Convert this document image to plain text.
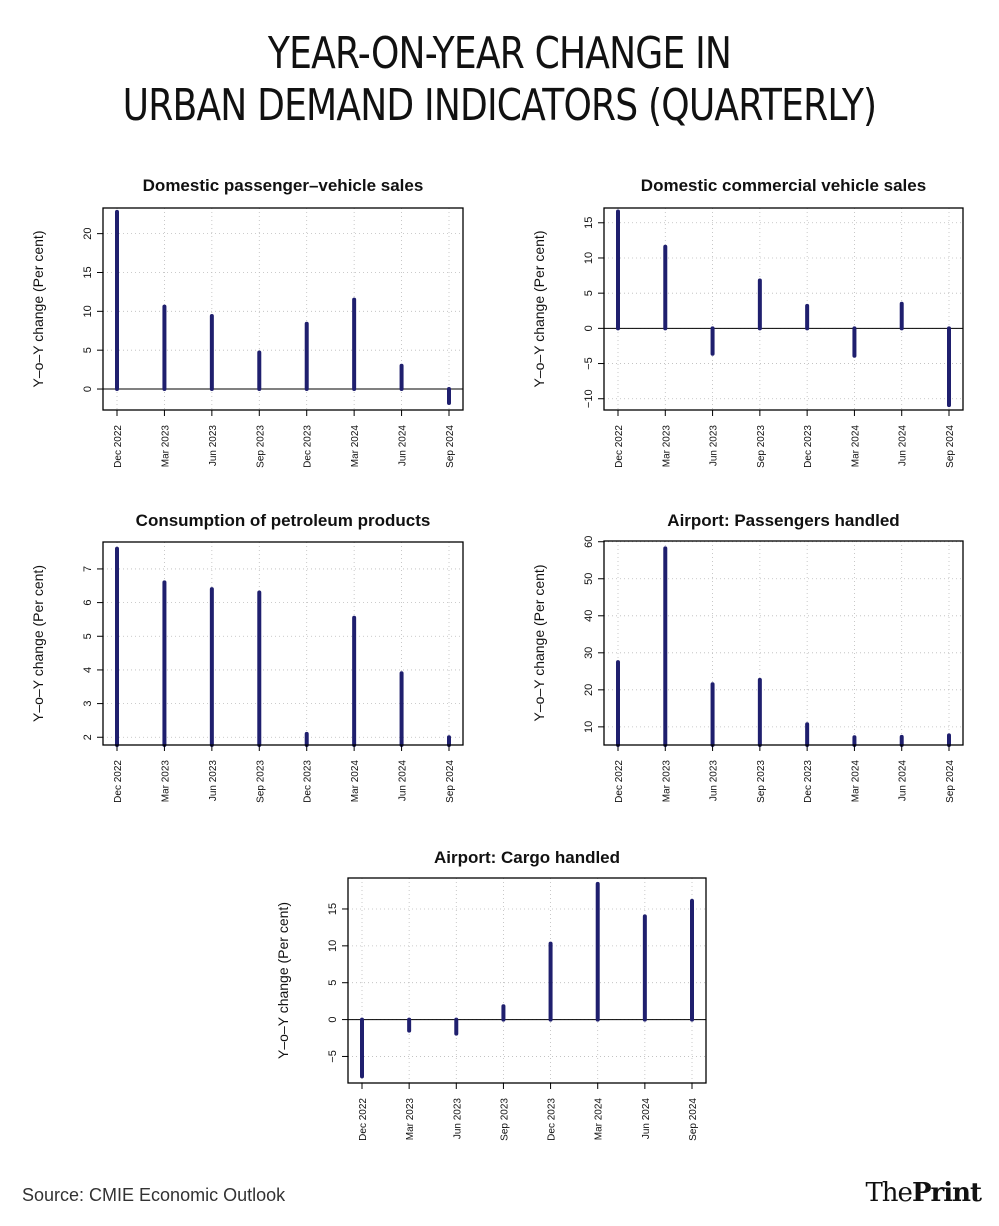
YEAR-ON-YEAR CHANGE IN
URBAN DEMAND INDICATORS (QUARTERLY)
0
5
10
15
20
Dec 2022	Mar 2023	Jun 2023	Sep 2023	Dec 2023	Mar 2024	Jun 2024	Sep 2024
Domestic passenger–vehicle sales
Y–o–Y change (Per cent)
−10
−5
0
5
10
15
Dec 2022	Mar 2023	Jun 2023	Sep 2023	Dec 2023	Mar 2024	Jun 2024	Sep 2024
Domestic commercial vehicle sales
Y–o–Y change (Per cent)
2
3
4
5
6
7
Dec 2022	Mar 2023	Jun 2023	Sep 2023	Dec 2023	Mar 2024	Jun 2024	Sep 2024
Consumption of petroleum products
Y–o–Y change (Per cent)
10
20
30
40
50
60
Dec 2022	Mar 2023	Jun 2023	Sep 2023	Dec 2023	Mar 2024	Jun 2024	Sep 2024
Airport: Passengers handled
Y–o–Y change (Per cent)
−5
0
5
10
15
Dec 2022	Mar 2023	Jun 2023	Sep 2023	Dec 2023	Mar 2024	Jun 2024	Sep 2024
Airport: Cargo handled
Y–o–Y change (Per cent)
Source: CMIE Economic Outlook	ThePrint
